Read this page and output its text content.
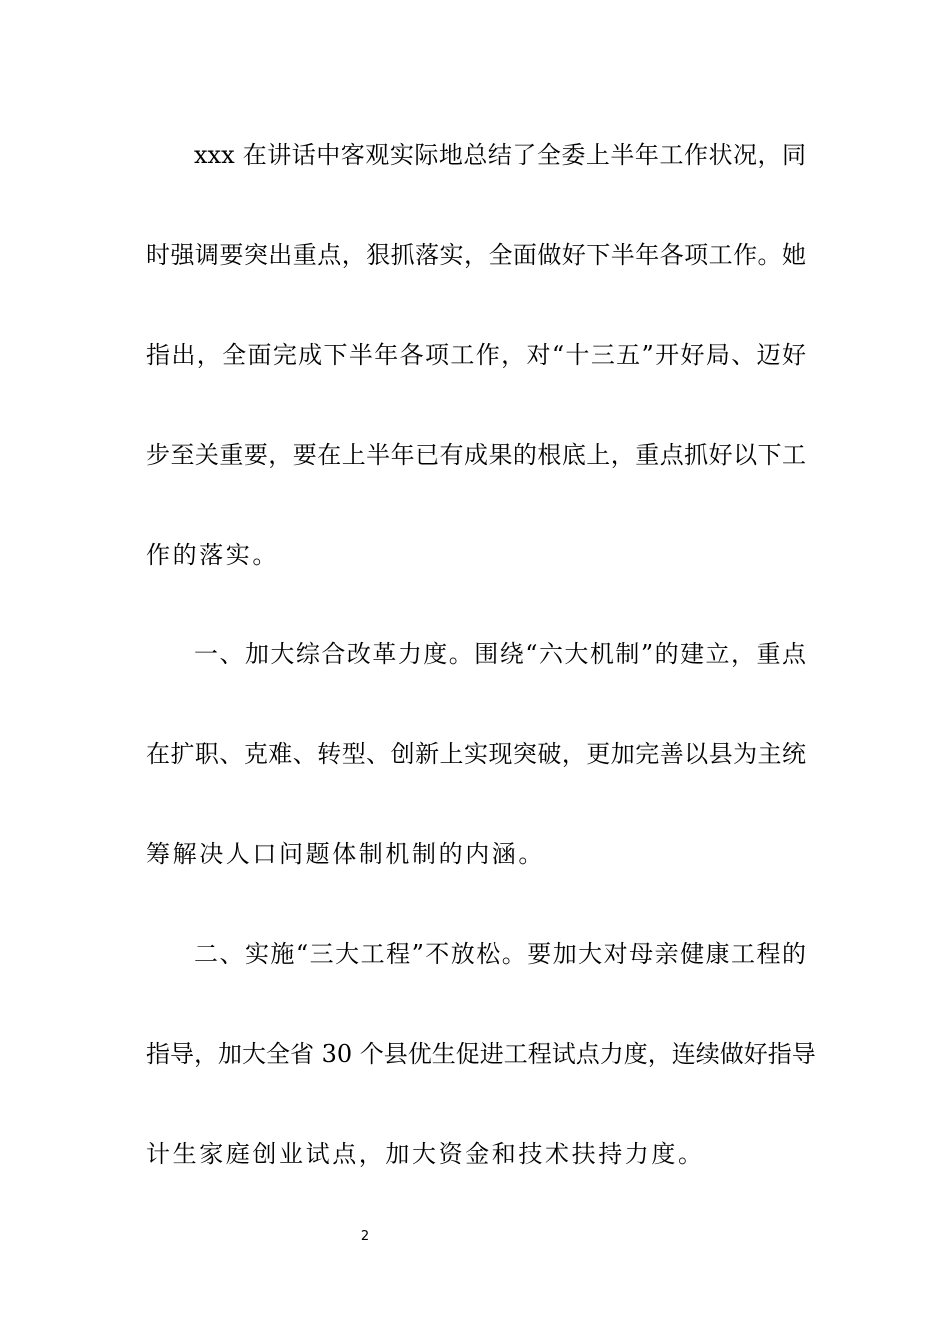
xxx 在讲话中客观实际地总结了全委上半年工作状况，同
时强调要突出重点，狠抓落实，全面做好下半年各项工作。她
指出，全面完成下半年各项工作，对“十三五”开好局、迈好
步至关重要，要在上半年已有成果的根底上，重点抓好以下工
作的落实。
一、加大综合改革力度。围绕“六大机制”的建立，重点
在扩职、克难、转型、创新上实现突破，更加完善以县为主统
筹解决人口问题体制机制的内涵。
二、实施“三大工程”不放松。要加大对母亲健康工程的
指导，加大全省 30 个县优生促进工程试点力度，连续做好指导
计生家庭创业试点，加大资金和技术扶持力度。
2
